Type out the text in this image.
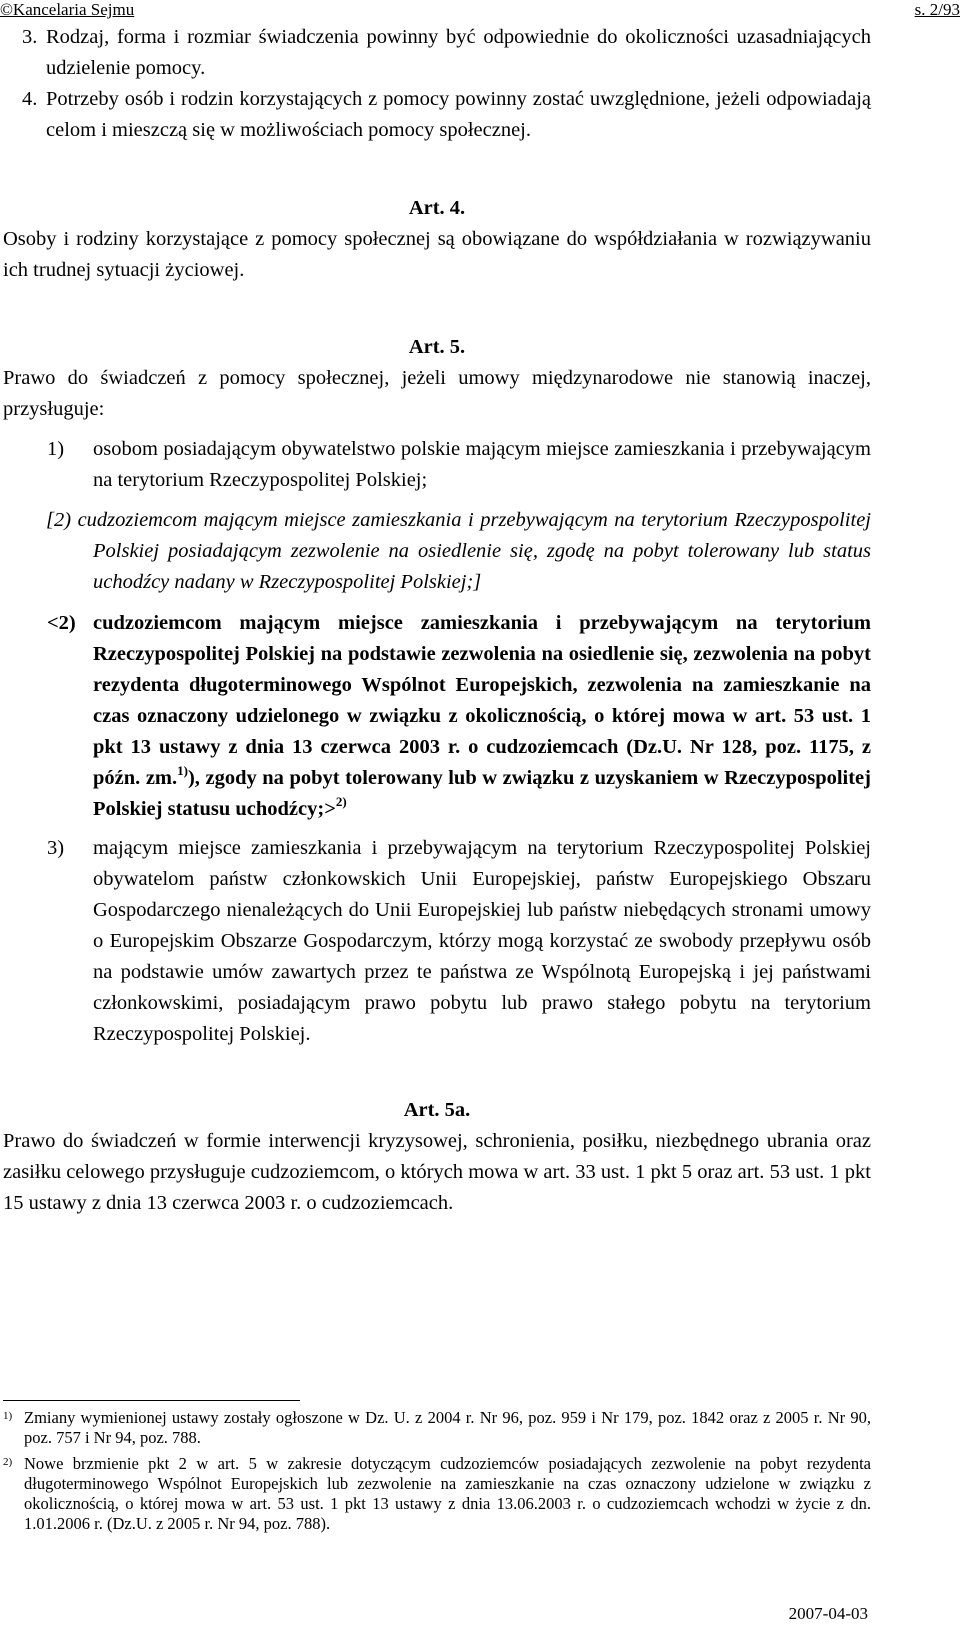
©Kancelaria Sejmu	s. 2/93
3. Rodzaj, forma i rozmiar świadczenia powinny być odpowiednie do okoliczności uzasadniających udzielenie pomocy.
4. Potrzeby osób i rodzin korzystających z pomocy powinny zostać uwzględnione, jeżeli odpowiadają celom i mieszczą się w możliwościach pomocy społecznej.

Art. 4.

Osoby i rodziny korzystające z pomocy społecznej są obowiązane do współdziałania w rozwiązywaniu ich trudnej sytuacji życiowej.

Art. 5.

Prawo do świadczeń z pomocy społecznej, jeżeli umowy międzynarodowe nie stanowią inaczej, przysługuje:

1) osobom posiadającym obywatelstwo polskie mającym miejsce zamieszkania i przebywającym na terytorium Rzeczypospolitej Polskiej;
[2) cudzoziemcom mającym miejsce zamieszkania i przebywającym na terytorium Rzeczypospolitej Polskiej posiadającym zezwolenie na osiedlenie się, zgodę na pobyt tolerowany lub status uchodźcy nadany w Rzeczypospolitej Polskiej;]
<2) cudzoziemcom mającym miejsce zamieszkania i przebywającym na terytorium Rzeczypospolitej Polskiej na podstawie zezwolenia na osiedlenie się, zezwolenia na pobyt rezydenta długoterminowego Wspólnot Europejskich, zezwolenia na zamieszkanie na czas oznaczony udzielonego w związku z okolicznością, o której mowa w art. 53 ust. 1 pkt 13 ustawy z dnia 13 czerwca 2003 r. o cudzoziemcach (Dz.U. Nr 128, poz. 1175, z późn. zm.$^{1)}$), zgody na pobyt tolerowany lub w związku z uzyskaniem w Rzeczypospolitej Polskiej statusu uchodźcy;>$^{2)}$
3) mającym miejsce zamieszkania i przebywającym na terytorium Rzeczypospolitej Polskiej obywatelom państw członkowskich Unii Europejskiej, państw Europejskiego Obszaru Gospodarczego nienależących do Unii Europejskiej lub państw niebędących stronami umowy o Europejskim Obszarze Gospodarczym, którzy mogą korzystać ze swobody przepływu osób na podstawie umów zawartych przez te państwa ze Wspólnotą Europejską i jej państwami członkowskimi, posiadającym prawo pobytu lub prawo stałego pobytu na terytorium Rzeczypospolitej Polskiej.

Art. 5a.

Prawo do świadczeń w formie interwencji kryzysowej, schronienia, posiłku, niezbędnego ubrania oraz zasiłku celowego przysługuje cudzoziemcom, o których mowa w art. 33 ust. 1 pkt 5 oraz art. 53 ust. 1 pkt 15 ustawy z dnia 13 czerwca 2003 r. o cudzoziemcach.

1) Zmiany wymienionej ustawy zostały ogłoszone w Dz. U. z 2004 r. Nr 96, poz. 959 i Nr 179, poz. 1842 oraz z 2005 r. Nr 90, poz. 757 i Nr 94, poz. 788.
2) Nowe brzmienie pkt 2 w art. 5 w zakresie dotyczącym cudzoziemców posiadających zezwolenie na pobyt rezydenta długoterminowego Wspólnot Europejskich lub zezwolenie na zamieszkanie na czas oznaczony udzielone w związku z okolicznością, o której mowa w art. 53 ust. 1 pkt 13 ustawy z dnia 13.06.2003 r. o cudzoziemcach wchodzi w życie z dn. 1.01.2006 r. (Dz.U. z 2005 r. Nr 94, poz. 788).
2007-04-03
